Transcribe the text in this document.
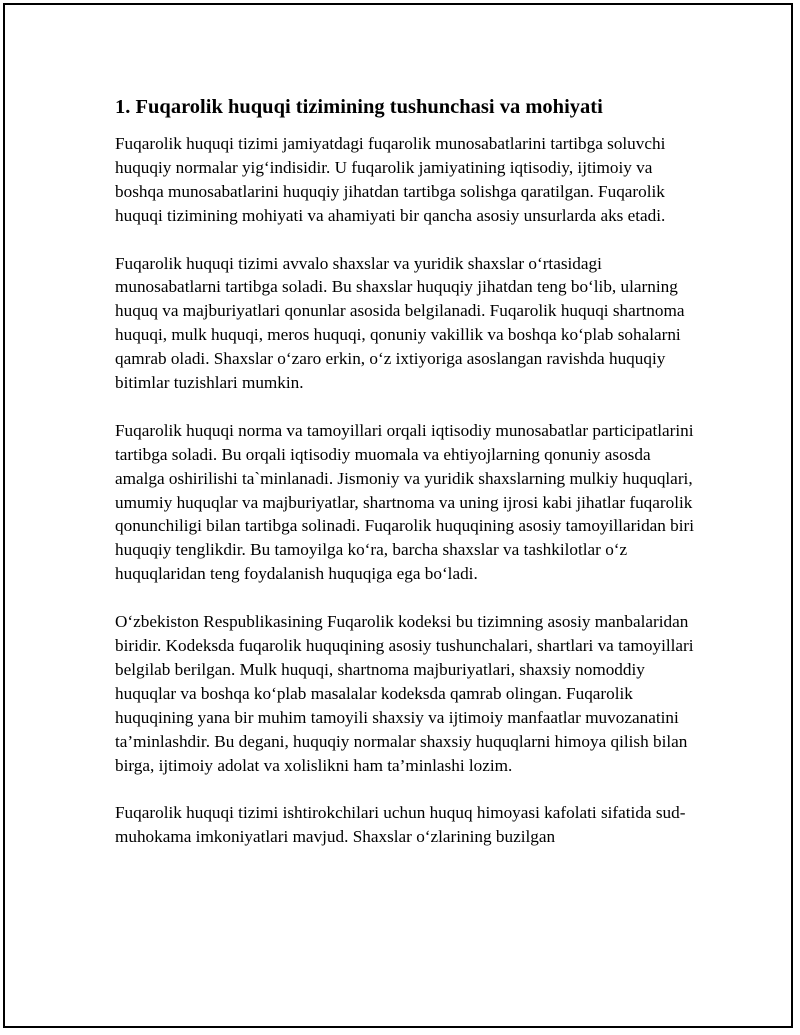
1. Fuqarolik huquqi tizimining tushunchasi va mohiyati

Fuqarolik huquqi tizimi jamiyatdagi fuqarolik munosabatlarini tartibga soluvchi huquqiy normalar yig‘indisidir. U fuqarolik jamiyatining iqtisodiy, ijtimoiy va boshqa munosabatlarini huquqiy jihatdan tartibga solishga qaratilgan. Fuqarolik huquqi tizimining mohiyati va ahamiyati bir qancha asosiy unsurlarda aks etadi.

Fuqarolik huquqi tizimi avvalo shaxslar va yuridik shaxslar o‘rtasidagi munosabatlarni tartibga soladi. Bu shaxslar huquqiy jihatdan teng bo‘lib, ularning huquq va majburiyatlari qonunlar asosida belgilanadi. Fuqarolik huquqi shartnoma huquqi, mulk huquqi, meros huquqi, qonuniy vakillik va boshqa ko‘plab sohalarni qamrab oladi. Shaxslar o‘zaro erkin, o‘z ixtiyoriga asoslangan ravishda huquqiy bitimlar tuzishlari mumkin.

Fuqarolik huquqi norma va tamoyillari orqali iqtisodiy munosabatlar participatlarini tartibga soladi. Bu orqali iqtisodiy muomala va ehtiyojlarning qonuniy asosda amalga oshirilishi ta`minlanadi. Jismoniy va yuridik shaxslarning mulkiy huquqlari, umumiy huquqlar va majburiyatlar, shartnoma va uning ijrosi kabi jihatlar fuqarolik qonunchiligi bilan tartibga solinadi. Fuqarolik huquqining asosiy tamoyillaridan biri huquqiy tenglikdir. Bu tamoyilga ko‘ra, barcha shaxslar va tashkilotlar o‘z huquqlaridan teng foydalanish huquqiga ega bo‘ladi.

O‘zbekiston Respublikasining Fuqarolik kodeksi bu tizimning asosiy manbalaridan biridir. Kodeksda fuqarolik huquqining asosiy tushunchalari, shartlari va tamoyillari belgilab berilgan. Mulk huquqi, shartnoma majburiyatlari, shaxsiy nomoddiy huquqlar va boshqa ko‘plab masalalar kodeksda qamrab olingan. Fuqarolik huquqining yana bir muhim tamoyili shaxsiy va ijtimoiy manfaatlar muvozanatini ta’minlashdir. Bu degani, huquqiy normalar shaxsiy huquqlarni himoya qilish bilan birga, ijtimoiy adolat va xolislikni ham ta’minlashi lozim.

Fuqarolik huquqi tizimi ishtirokchilari uchun huquq himoyasi kafolati sifatida sud-muhokama imkoniyatlari mavjud. Shaxslar o‘zlarining buzilgan
